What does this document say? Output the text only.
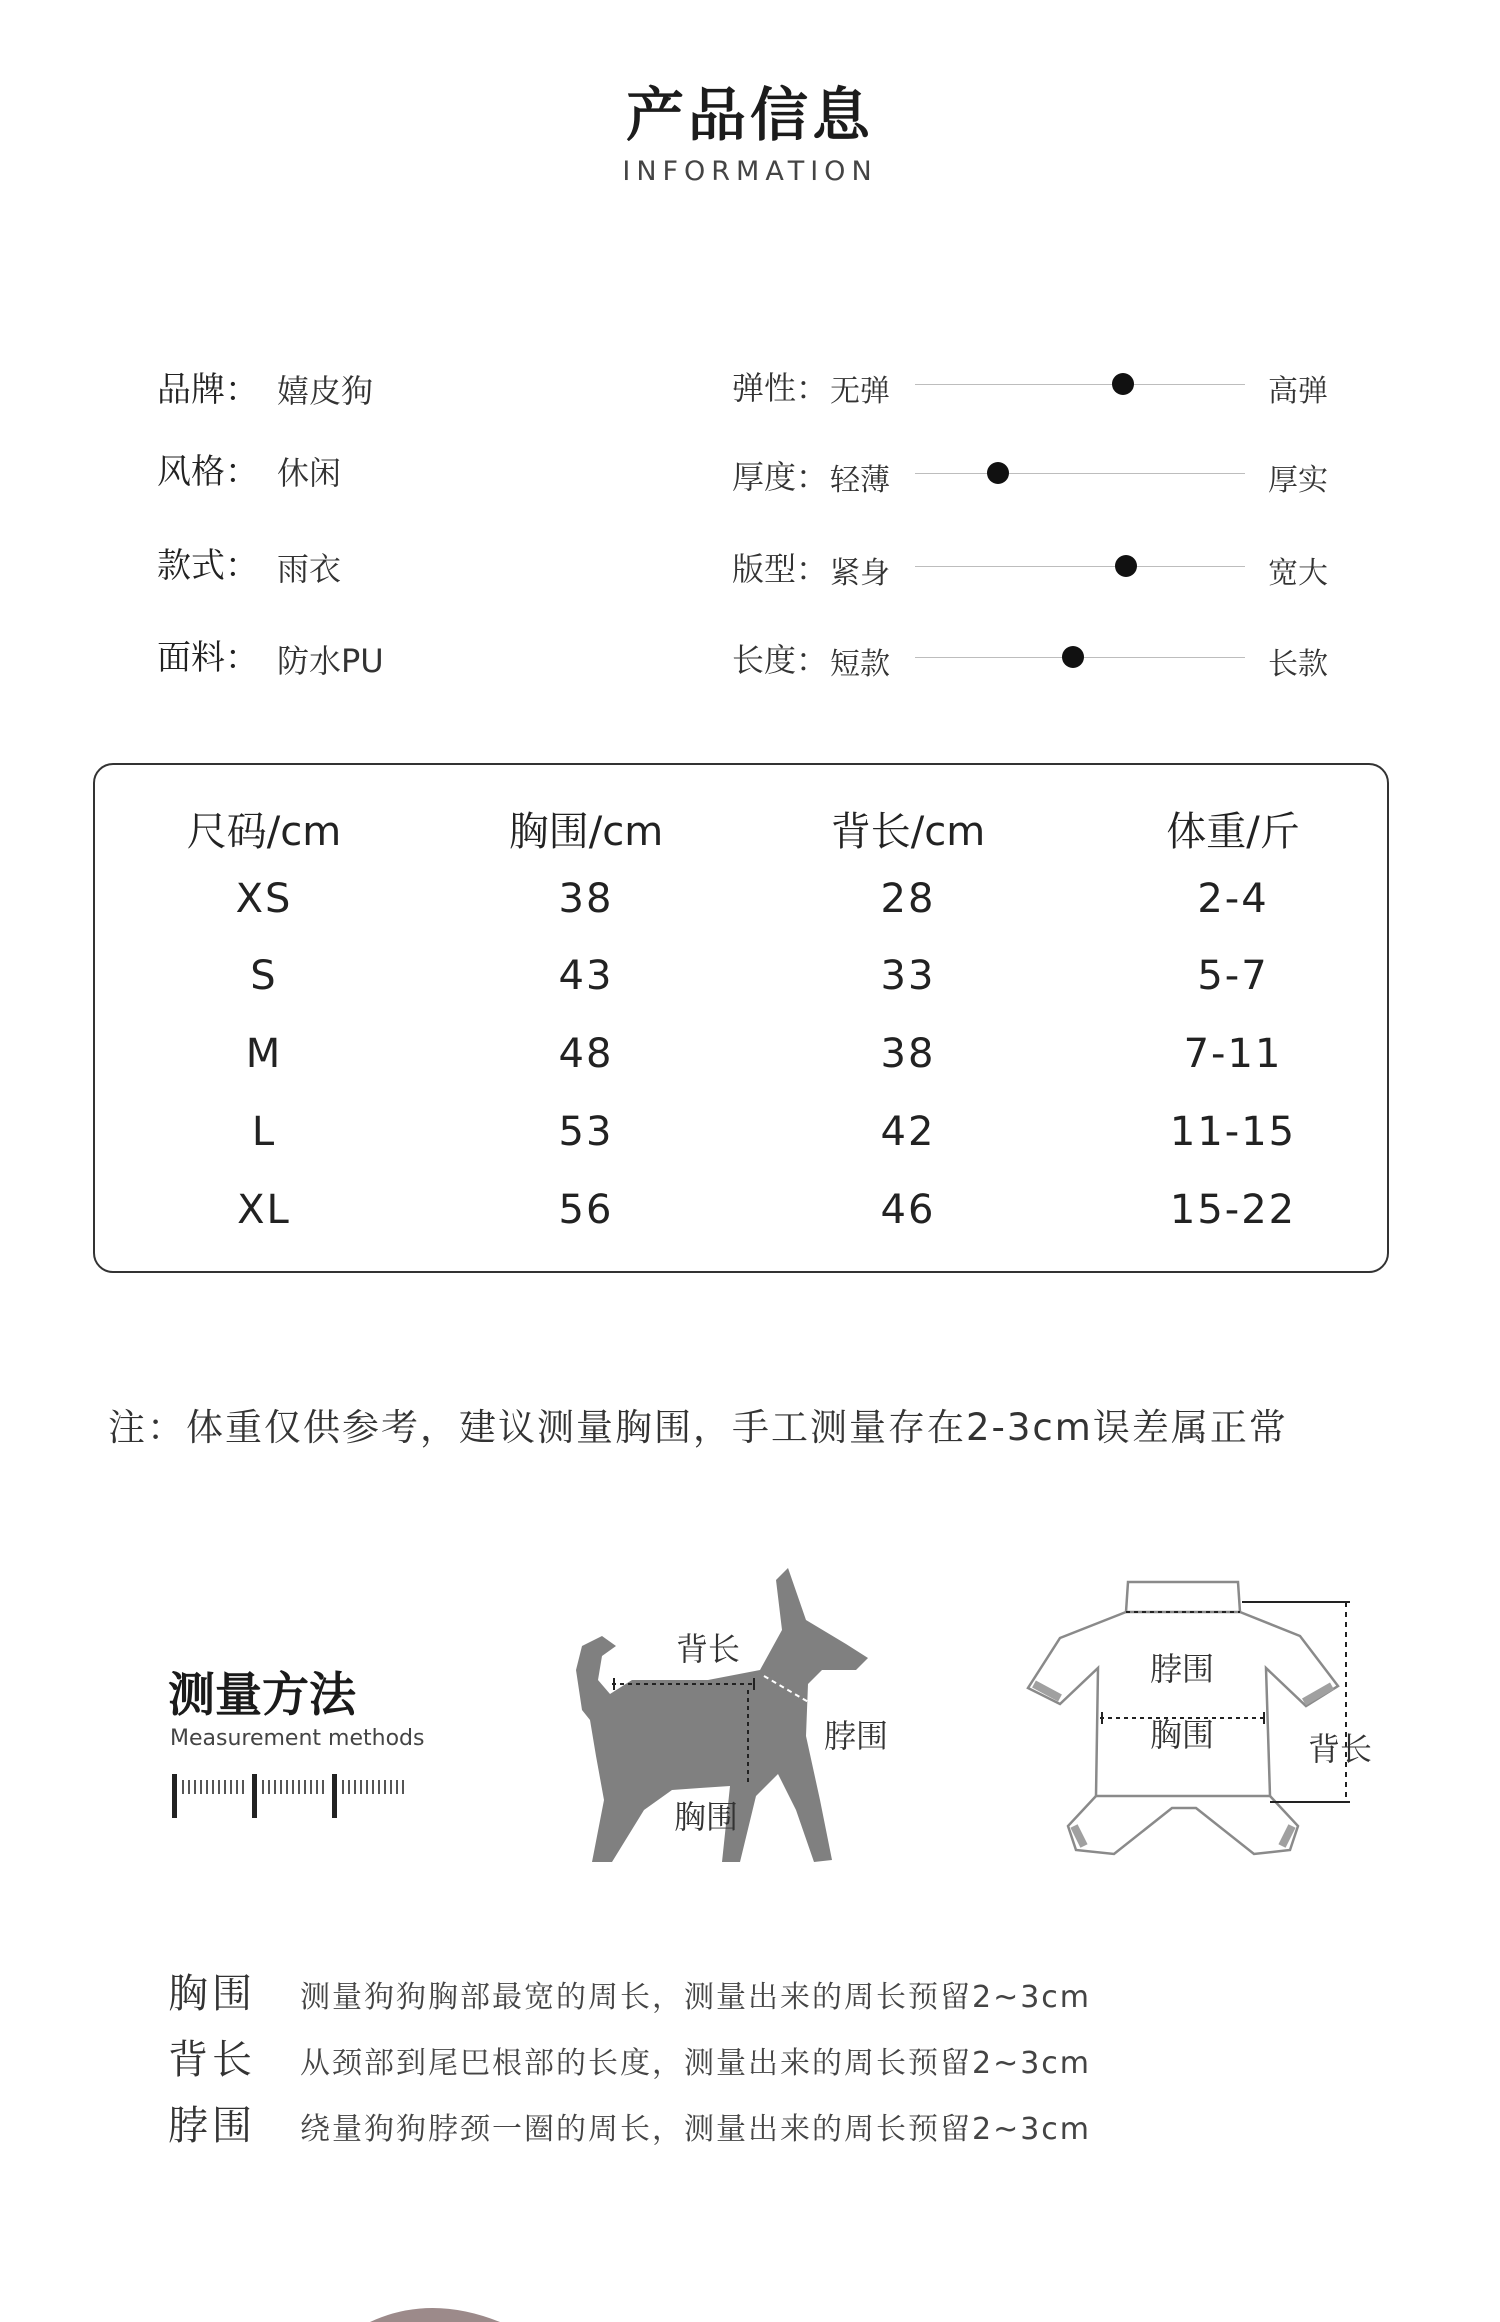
产品信息
INFORMATION
品牌： 嬉皮狗
风格： 休闲
款式： 雨衣
面料： 防水PU
弹性： 无弹	高弹
厚度： 轻薄	厚实
版型： 紧身	宽大
长度： 短款	长款
尺码/cm	胸围/cm	背长/cm	体重/斤
XS	38	28	2-4
S	43	33	5-7
M	48	38	7-11
L	53	42	11-15
XL	56	46	15-22
注：体重仅供参考，建议测量胸围，手工测量存在2-3cm误差属正常
测量方法
Measurement methods
背长
脖围
胸围
脖围
胸围	背长
胸围 测量狗狗胸部最宽的周长，测量出来的周长预留2~3cm
背长 从颈部到尾巴根部的长度，测量出来的周长预留2~3cm
脖围 绕量狗狗脖颈一圈的周长，测量出来的周长预留2~3cm
